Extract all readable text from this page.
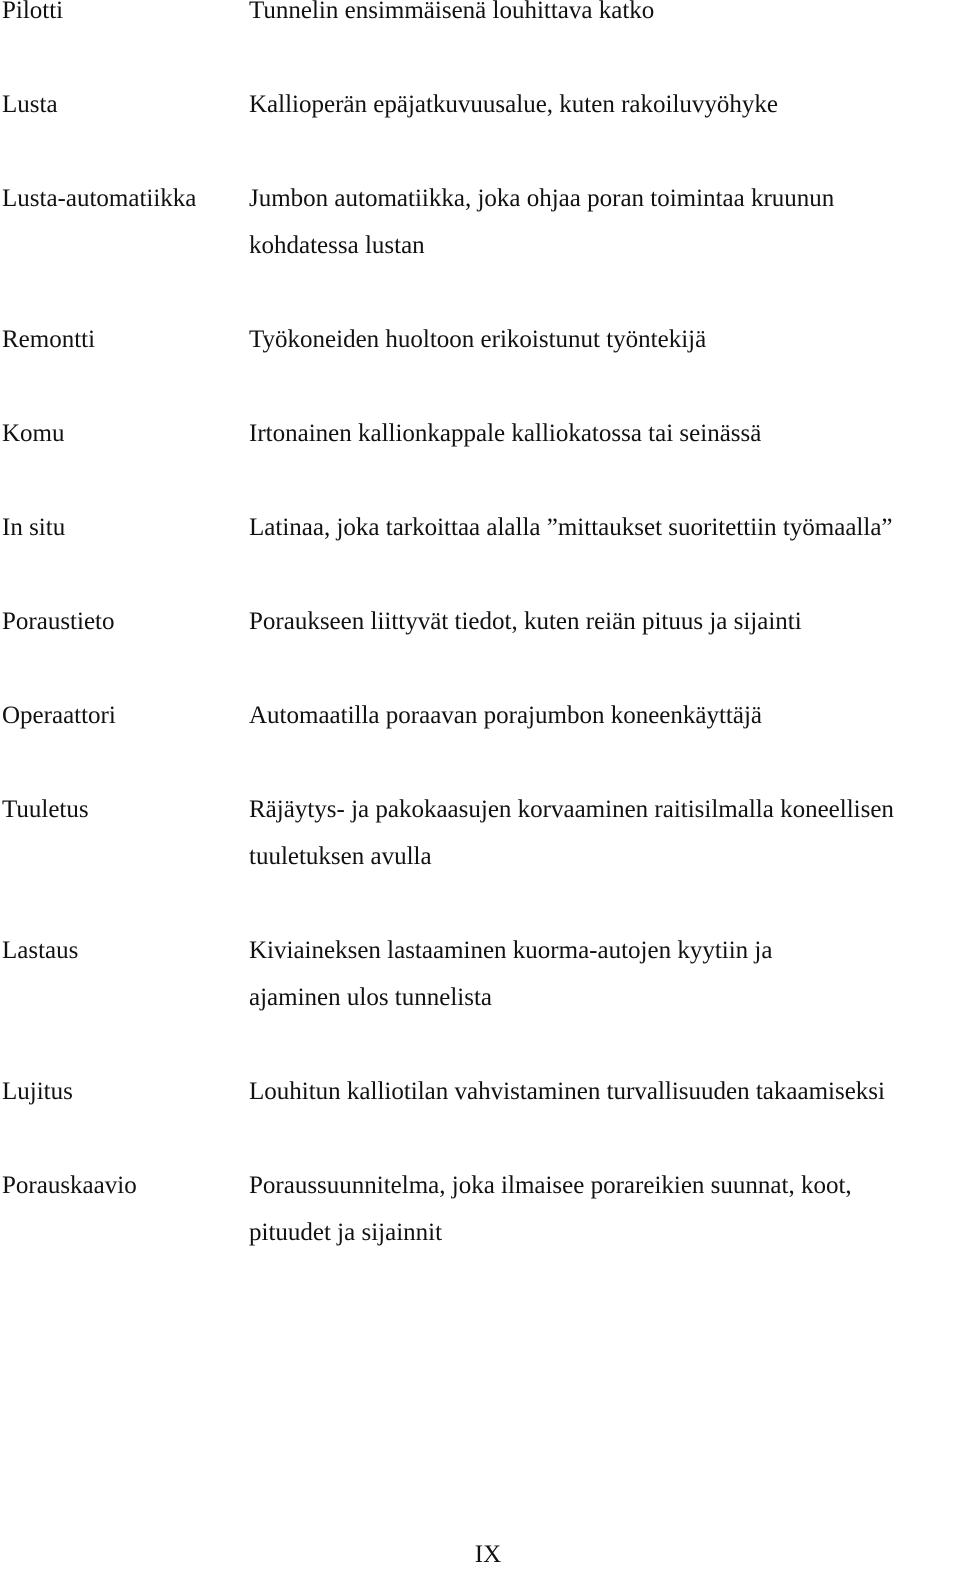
Pilotti	Tunnelin ensimmäisenä louhittava katko
Lusta	Kallioperän epäjatkuvuusalue, kuten rakoiluvyöhyke
Lusta-automatiikka	Jumbon automatiikka, joka ohjaa poran toimintaa kruunun kohdatessa lustan
Remontti	Työkoneiden huoltoon erikoistunut työntekijä
Komu	Irtonainen kallionkappale kalliokatossa tai seinässä
In situ	Latinaa, joka tarkoittaa alalla ”mittaukset suoritettiin työmaalla”
Poraustieto	Poraukseen liittyvät tiedot, kuten reiän pituus ja sijainti
Operaattori	Automaatilla poraavan porajumbon koneenkäyttäjä
Tuuletus	Räjäytys- ja pakokaasujen korvaaminen raitisilmalla koneellisen tuuletuksen avulla
Lastaus	Kiviaineksen lastaaminen kuorma-autojen kyytiin ja ajaminen ulos tunnelista
Lujitus	Louhitun kalliotilan vahvistaminen turvallisuuden takaamiseksi
Porauskaavio	Poraussuunnitelma, joka ilmaisee porareikien suunnat, koot, pituudet ja sijainnit
IX
